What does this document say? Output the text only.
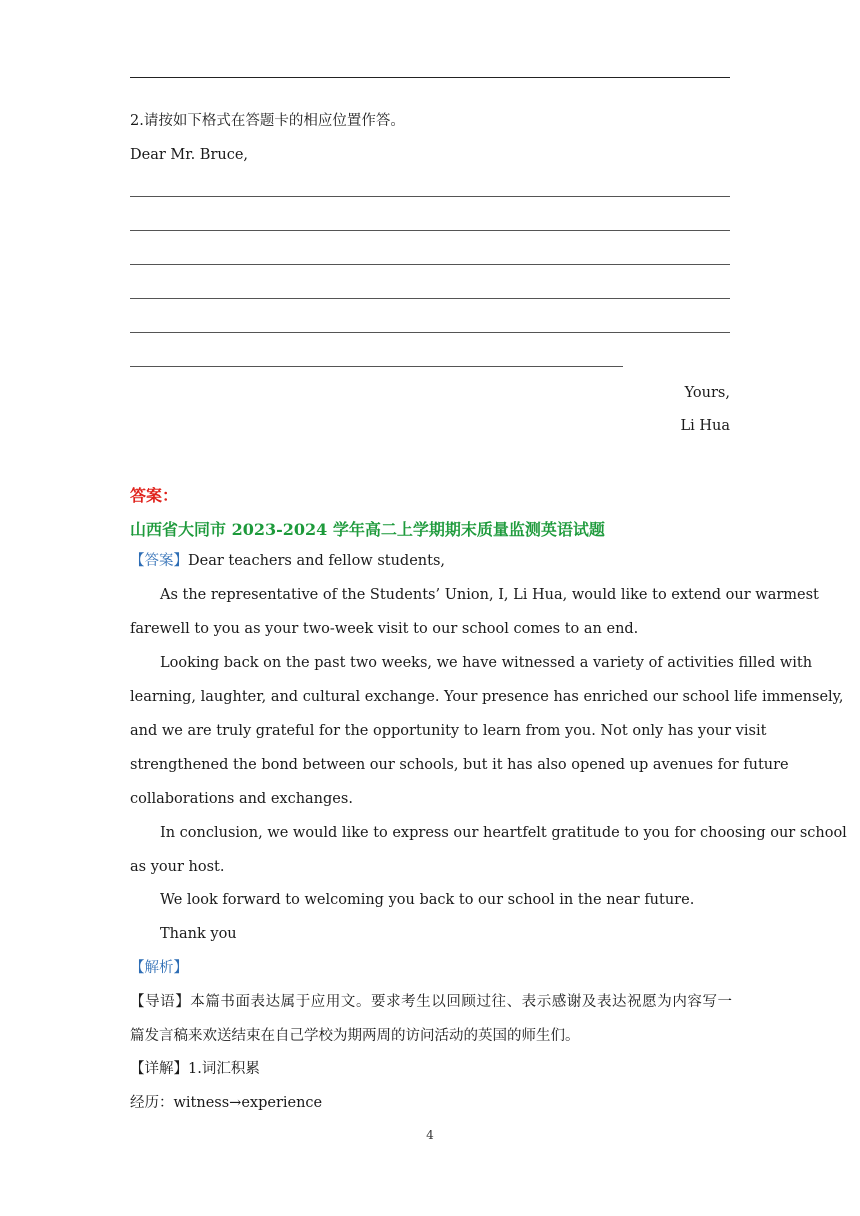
2.请按如下格式在答题卡的相应位置作答。
Dear Mr. Bruce,
Yours,
Li Hua
答案：
山西省大同市 2023-2024 学年高二上学期期末质量监测英语试题
【答案】Dear teachers and fellow students,
As the representative of the Students’ Union, I, Li Hua, would like to extend our warmest
farewell to you as your two-week visit to our school comes to an end.
Looking back on the past two weeks, we have witnessed a variety of activities filled with
learning, laughter, and cultural exchange. Your presence has enriched our school life immensely,
and we are truly grateful for the opportunity to learn from you. Not only has your visit
strengthened the bond between our schools, but it has also opened up avenues for future
collaborations and exchanges.
In conclusion, we would like to express our heartfelt gratitude to you for choosing our school
as your host.
We look forward to welcoming you back to our school in the near future.
Thank you
【解析】
【导语】本篇书面表达属于应用文。要求考生以回顾过往、表示感谢及表达祝愿为内容写一
篇发言稿来欢送结束在自己学校为期两周的访问活动的英国的师生们。
【详解】1.词汇积累
经历：witness→experience
4
